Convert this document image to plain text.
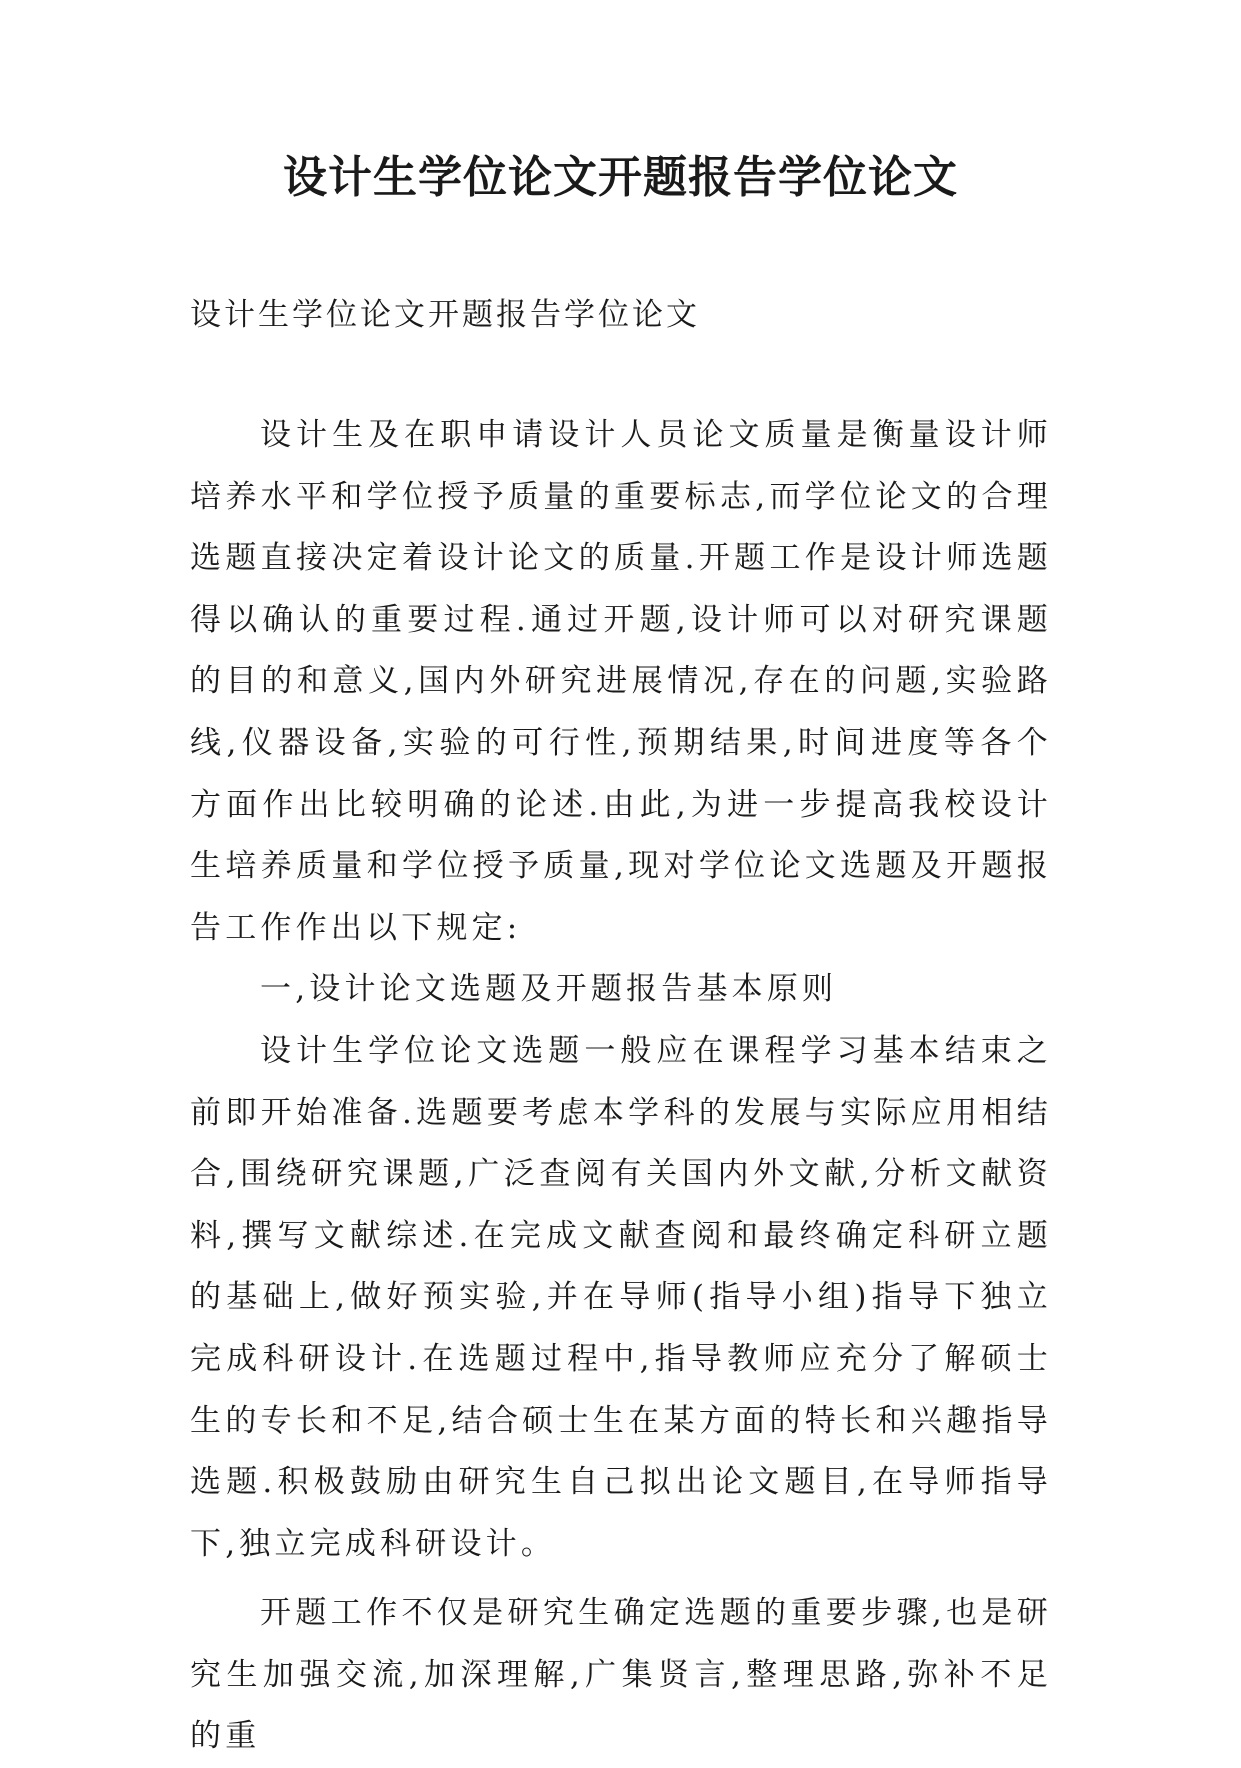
设计生学位论文开题报告学位论文

设计生学位论文开题报告学位论文

设计生及在职申请设计人员论文质量是衡量设计师培养水平和学位授予质量的重要标志,而学位论文的合理选题直接决定着设计论文的质量.开题工作是设计师选题得以确认的重要过程.通过开题,设计师可以对研究课题的目的和意义,国内外研究进展情况,存在的问题,实验路线,仪器设备,实验的可行性,预期结果,时间进度等各个方面作出比较明确的论述.由此,为进一步提高我校设计生培养质量和学位授予质量,现对学位论文选题及开题报告工作作出以下规定:

一,设计论文选题及开题报告基本原则

设计生学位论文选题一般应在课程学习基本结束之前即开始准备.选题要考虑本学科的发展与实际应用相结合,围绕研究课题,广泛查阅有关国内外文献,分析文献资料,撰写文献综述.在完成文献查阅和最终确定科研立题的基础上,做好预实验,并在导师(指导小组)指导下独立完成科研设计.在选题过程中,指导教师应充分了解硕士生的专长和不足,结合硕士生在某方面的特长和兴趣指导选题.积极鼓励由研究生自己拟出论文题目,在导师指导下,独立完成科研设计。

开题工作不仅是研究生确定选题的重要步骤,也是研究生加强交流,加深理解,广集贤言,整理思路,弥补不足的重
